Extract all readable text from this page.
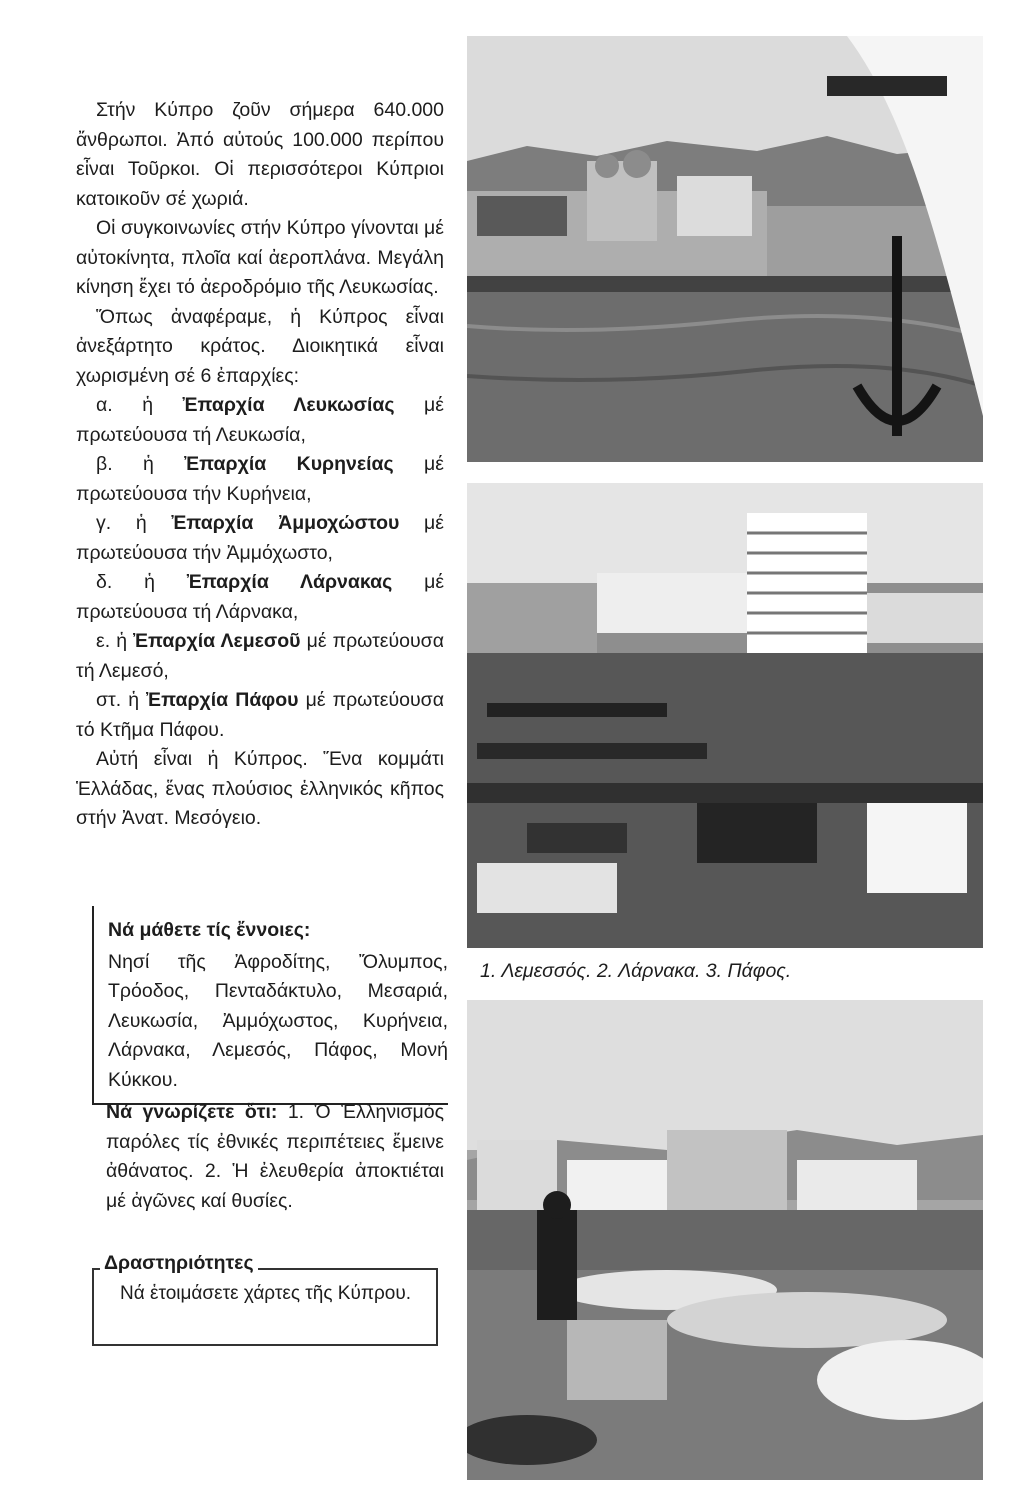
Στήν Κύπρο ζοῦν σήμερα 640.000 ἄνθρωποι. Ἀπό αὐτούς 100.000 περίπου εἶναι Τοῦρκοι. Οἱ περισσότεροι Κύπριοι κατοικοῦν σέ χωριά.

Οἱ συγκοινωνίες στήν Κύπρο γίνονται μέ αὐτοκίνητα, πλοῖα καί ἀεροπλάνα. Μεγάλη κίνηση ἔχει τό ἀεροδρόμιο τῆς Λευκωσίας.

Ὅπως ἀναφέραμε, ἡ Κύπρος εἶναι ἀνεξάρτητο κράτος. Διοικητικά εἶναι χωρισμένη σέ 6 ἐπαρχίες:

α. ἡ Ἐπαρχία Λευκωσίας μέ πρωτεύουσα τή Λευκωσία,

β. ἡ Ἐπαρχία Κυρηνείας μέ πρωτεύουσα τήν Κυρήνεια,

γ. ἡ Ἐπαρχία Ἀμμοχώστου μέ πρωτεύουσα τήν Ἀμμόχωστο,

δ. ἡ Ἐπαρχία Λάρνακας μέ πρωτεύουσα τή Λάρνακα,

ε. ἡ Ἐπαρχία Λεμεσοῦ μέ πρωτεύουσα τή Λεμεσό,

στ. ἡ Ἐπαρχία Πάφου μέ πρωτεύουσα τό Κτῆμα Πάφου.

Αὐτή εἶναι ἡ Κύπρος. Ἕνα κομμάτι Ἑλλάδας, ἕνας πλούσιος ἑλληνικός κῆπος στήν Ἀνατ. Μεσόγειο.

Νά μάθετε τίς ἔννοιες:
Νησί τῆς Ἀφροδίτης, Ὄλυμπος, Τρόοδος, Πενταδάκτυλο, Μεσαριά, Λευκωσία, Ἀμμόχωστος, Κυρήνεια, Λάρνακα, Λεμεσός, Πάφος, Μονή Κύκκου.
Νά γνωρίζετε ὅτι: 1. Ὁ Ἑλληνισμός παρόλες τίς ἐθνικές περιπέτειες ἔμεινε ἀθάνατος. 2. Ἡ ἐλευθερία ἀποκτιέται μέ ἀγῶνες καί θυσίες.
Νά ἑτοιμάσετε χάρτες τῆς Κύπρου.
Δραστηριότητες
1. Λεμεσσός. 2. Λάρνακα. 3. Πάφος.
